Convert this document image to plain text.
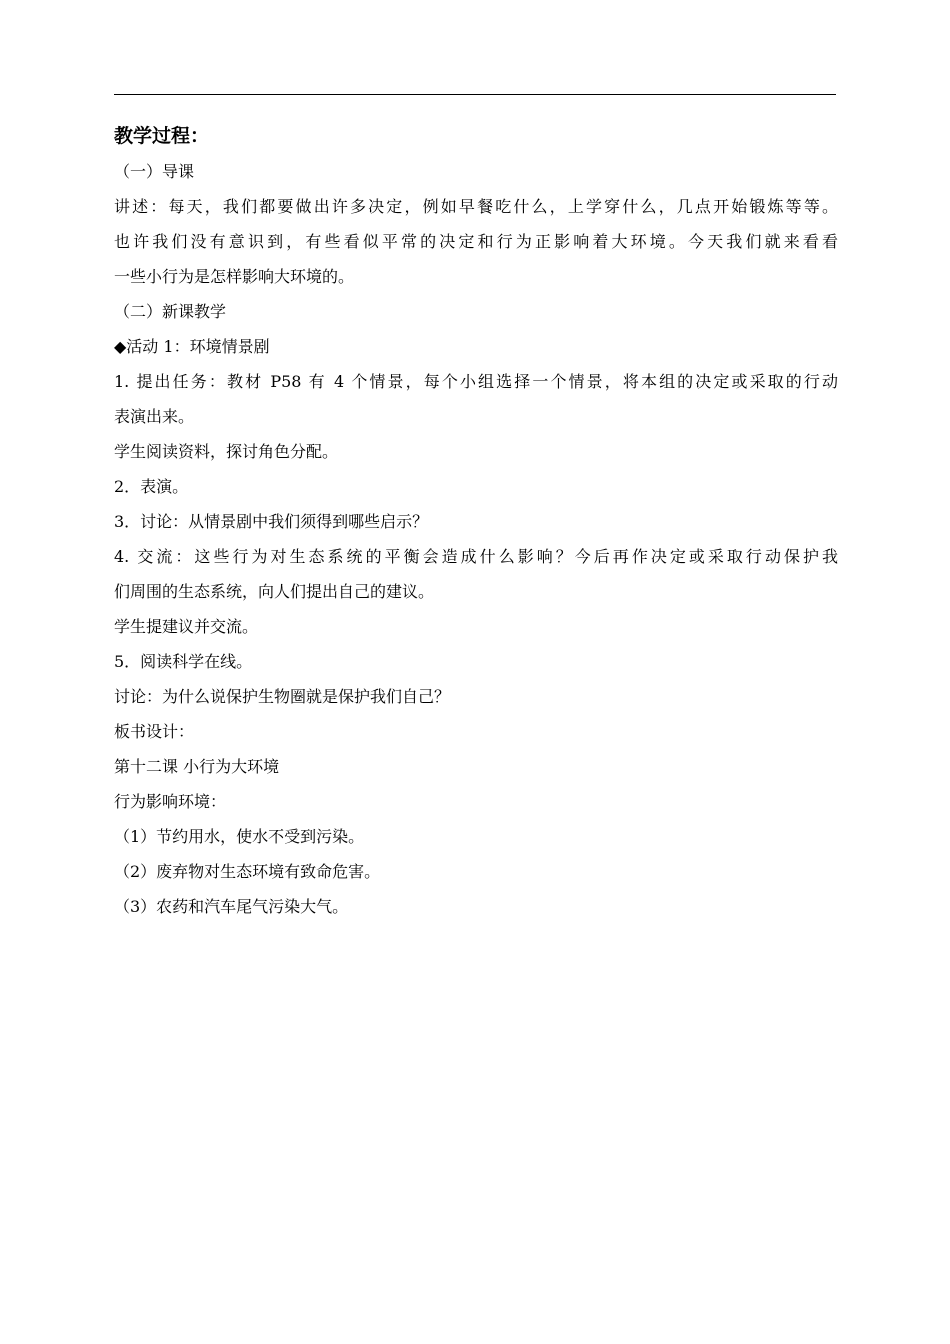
教学过程：

（一）导课

讲述：每天，我们都要做出许多决定，例如早餐吃什么，上学穿什么，几点开始锻炼等等。

也许我们没有意识到，有些看似平常的决定和行为正影响着大环境。今天我们就来看看

一些小行为是怎样影响大环境的。

（二）新课教学

◆活动 1：环境情景剧

1. 提出任务：教材 P58 有 4 个情景，每个小组选择一个情景，将本组的决定或采取的行动

表演出来。

学生阅读资料，探讨角色分配。

2．表演。

3．讨论：从情景剧中我们须得到哪些启示？

4. 交流：这些行为对生态系统的平衡会造成什么影响？今后再作决定或采取行动保护我

们周围的生态系统，向人们提出自己的建议。

学生提建议并交流。

5．阅读科学在线。

讨论：为什么说保护生物圈就是保护我们自己？

板书设计：

第十二课 小行为大环境

行为影响环境：

（1）节约用水，使水不受到污染。

（2）废弃物对生态环境有致命危害。

（3）农药和汽车尾气污染大气。
